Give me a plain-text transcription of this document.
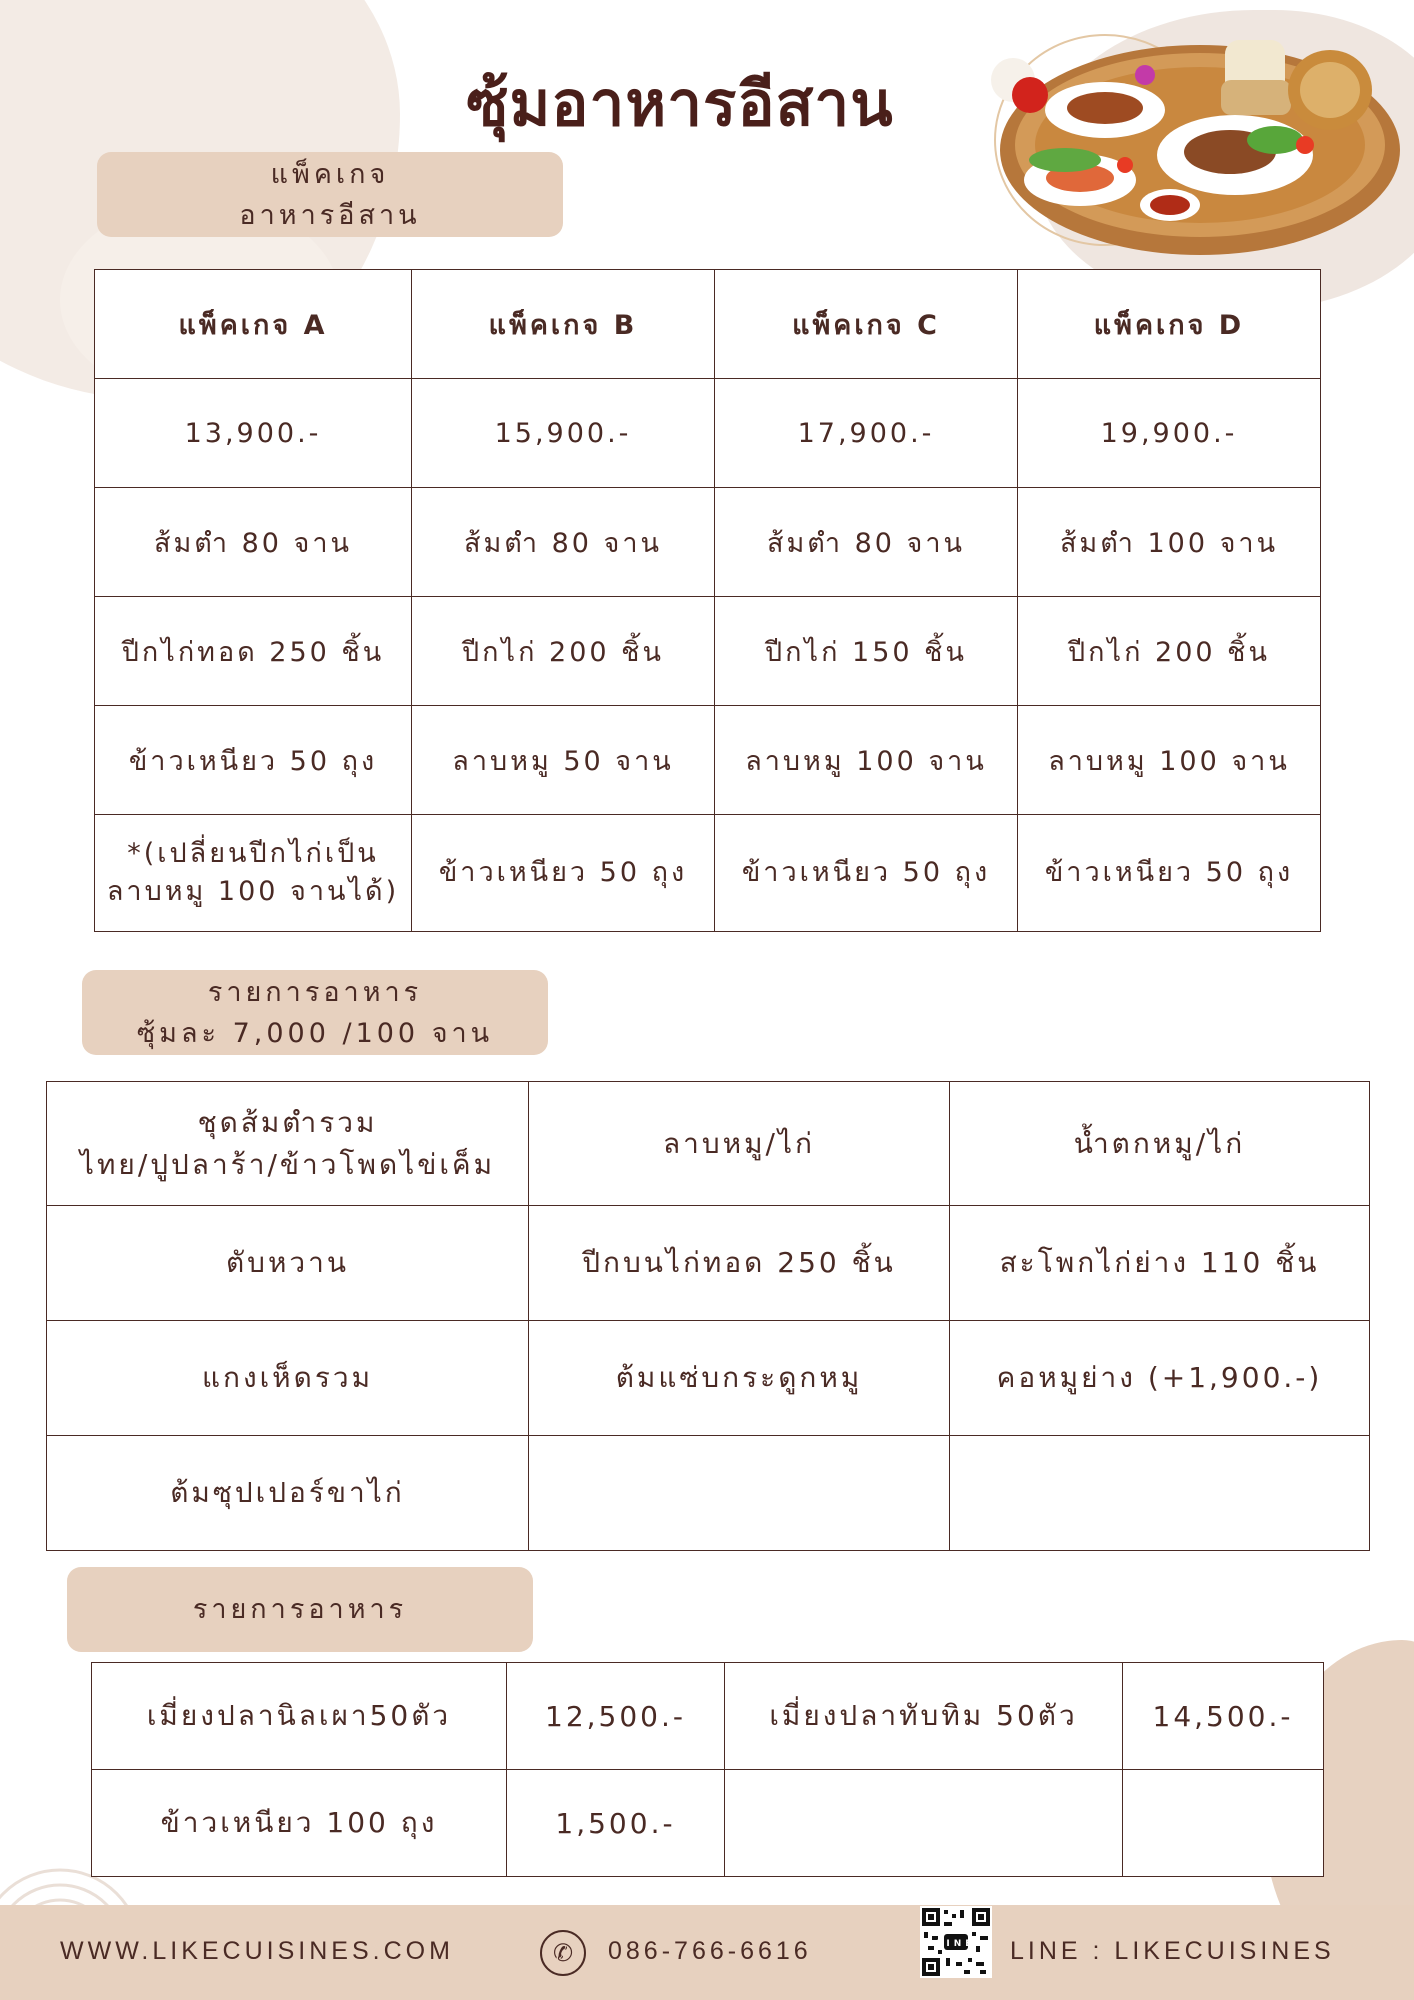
ซุ้มอาหารอีสาน
แพ็คเกจ
อาหารอีสาน
แพ็คเกจ A	แพ็คเกจ B	แพ็คเกจ C	แพ็คเกจ D
13,900.-	15,900.-	17,900.-	19,900.-
ส้มตำ 80 จาน	ส้มตำ 80 จาน	ส้มตำ 80 จาน	ส้มตำ 100 จาน
ปีกไก่ทอด 250 ชิ้น	ปีกไก่ 200 ชิ้น	ปีกไก่ 150 ชิ้น	ปีกไก่ 200 ชิ้น
ข้าวเหนียว 50 ถุง	ลาบหมู 50 จาน	ลาบหมู 100 จาน	ลาบหมู 100 จาน

*(เปลี่ยนปีกไก่เป็น
ลาบหมู 100 จานได้)	ข้าวเหนียว 50 ถุง	ข้าวเหนียว 50 ถุง	ข้าวเหนียว 50 ถุง
รายการอาหาร
ซุ้มละ 7,000 /100 จาน
ชุดส้มตำรวม
ไทย/ปูปลาร้า/ข้าวโพดไข่เค็ม	ลาบหมู/ไก่	น้ำตกหมู/ไก่
ตับหวาน	ปีกบนไก่ทอด 250 ชิ้น	สะโพกไก่ย่าง 110 ชิ้น
แกงเห็ดรวม	ต้มแซ่บกระดูกหมู	คอหมูย่าง (+1,900.-)
ต้มซุปเปอร์ขาไก่		
รายการอาหาร
เมี่ยงปลานิลเผา50ตัว	12,500.-	เมี่ยงปลาทับทิม 50ตัว	14,500.-
ข้าวเหนียว 100 ถุง	1,500.-		
WWW.LIKECUISINES.COM	✆	086-766-6616	LINE LINE : LIKECUISINES
